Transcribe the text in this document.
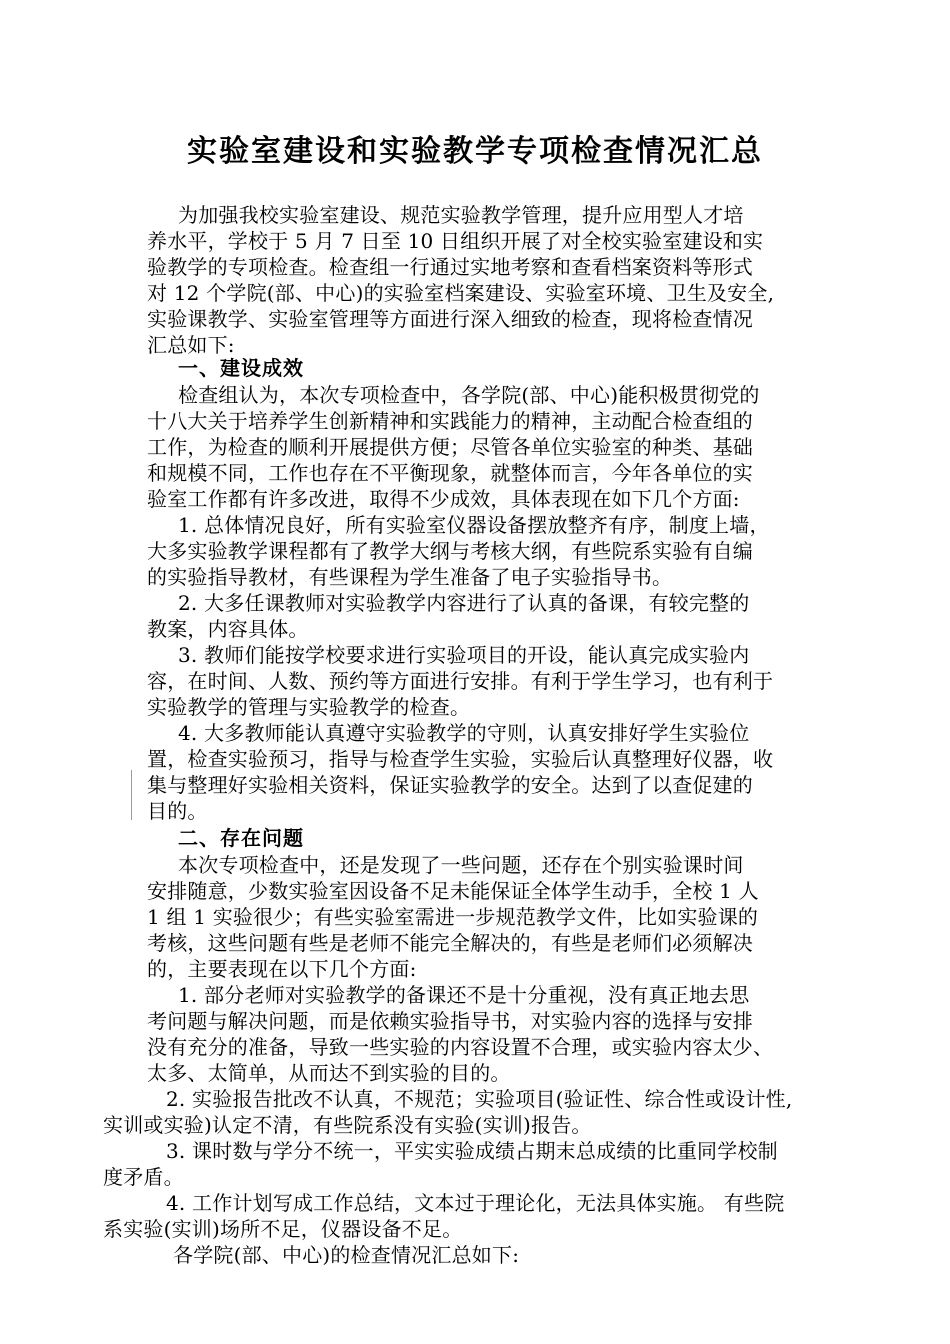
实验室建设和实验教学专项检查情况汇总
为加强我校实验室建设、规范实验教学管理，提升应用型人才培
养水平，学校于 5 月 7 日至 10 日组织开展了对全校实验室建设和实
验教学的专项检查。检查组一行通过实地考察和查看档案资料等形式
对 12 个学院(部、中心)的实验室档案建设、实验室环境、卫生及安全,
实验课教学、实验室管理等方面进行深入细致的检查，现将检查情况
汇总如下:
一、建设成效
检查组认为，本次专项检查中，各学院(部、中心)能积极贯彻党的
十八大关于培养学生创新精神和实践能力的精神，主动配合检查组的
工作，为检查的顺利开展提供方便；尽管各单位实验室的种类、基础
和规模不同，工作也存在不平衡现象，就整体而言，今年各单位的实
验室工作都有许多改进，取得不少成效，具体表现在如下几个方面:
1. 总体情况良好，所有实验室仪器设备摆放整齐有序，制度上墙，
大多实验教学课程都有了教学大纲与考核大纲，有些院系实验有自编
的实验指导教材，有些课程为学生准备了电子实验指导书。
2. 大多任课教师对实验教学内容进行了认真的备课，有较完整的
教案，内容具体。
3. 教师们能按学校要求进行实验项目的开设，能认真完成实验内
容，在时间、人数、预约等方面进行安排。有利于学生学习，也有利于
实验教学的管理与实验教学的检查。
4. 大多教师能认真遵守实验教学的守则，认真安排好学生实验位
置，检查实验预习，指导与检查学生实验，实验后认真整理好仪器，收
集与整理好实验相关资料，保证实验教学的安全。达到了以查促建的
目的。
二、存在问题
本次专项检查中，还是发现了一些问题，还存在个别实验课时间
安排随意，少数实验室因设备不足未能保证全体学生动手，全校 1 人
1 组 1 实验很少；有些实验室需进一步规范教学文件，比如实验课的
考核，这些问题有些是老师不能完全解决的，有些是老师们必须解决
的，主要表现在以下几个方面:
1. 部分老师对实验教学的备课还不是十分重视，没有真正地去思
考问题与解决问题，而是依赖实验指导书，对实验内容的选择与安排
没有充分的准备，导致一些实验的内容设置不合理，或实验内容太少、
太多、太简单，从而达不到实验的目的。
2. 实验报告批改不认真，不规范；实验项目(验证性、综合性或设计性,
实训或实验)认定不清，有些院系没有实验(实训)报告。
3. 课时数与学分不统一，平实实验成绩占期末总成绩的比重同学校制
度矛盾。
4. 工作计划写成工作总结，文本过于理论化，无法具体实施。 有些院
系实验(实训)场所不足，仪器设备不足。
各学院(部、中心)的检查情况汇总如下:
